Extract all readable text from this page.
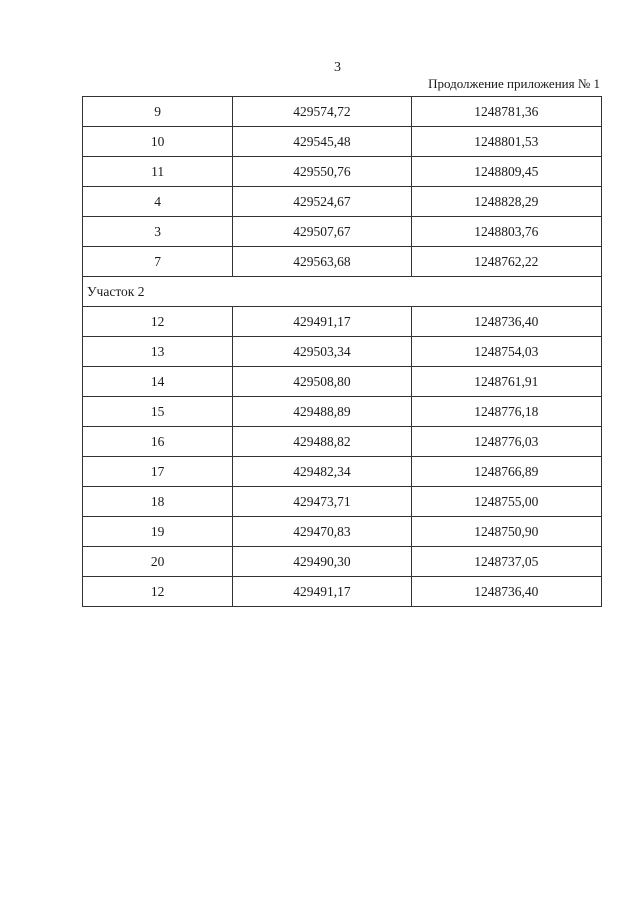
3
Продолжение приложения № 1
9	429574,72	1248781,36
10	429545,48	1248801,53
11	429550,76	1248809,45
4	429524,67	1248828,29
3	429507,67	1248803,76
7	429563,68	1248762,22
Участок 2		
12	429491,17	1248736,40
13	429503,34	1248754,03
14	429508,80	1248761,91
15	429488,89	1248776,18
16	429488,82	1248776,03
17	429482,34	1248766,89
18	429473,71	1248755,00
19	429470,83	1248750,90
20	429490,30	1248737,05
12	429491,17	1248736,40
